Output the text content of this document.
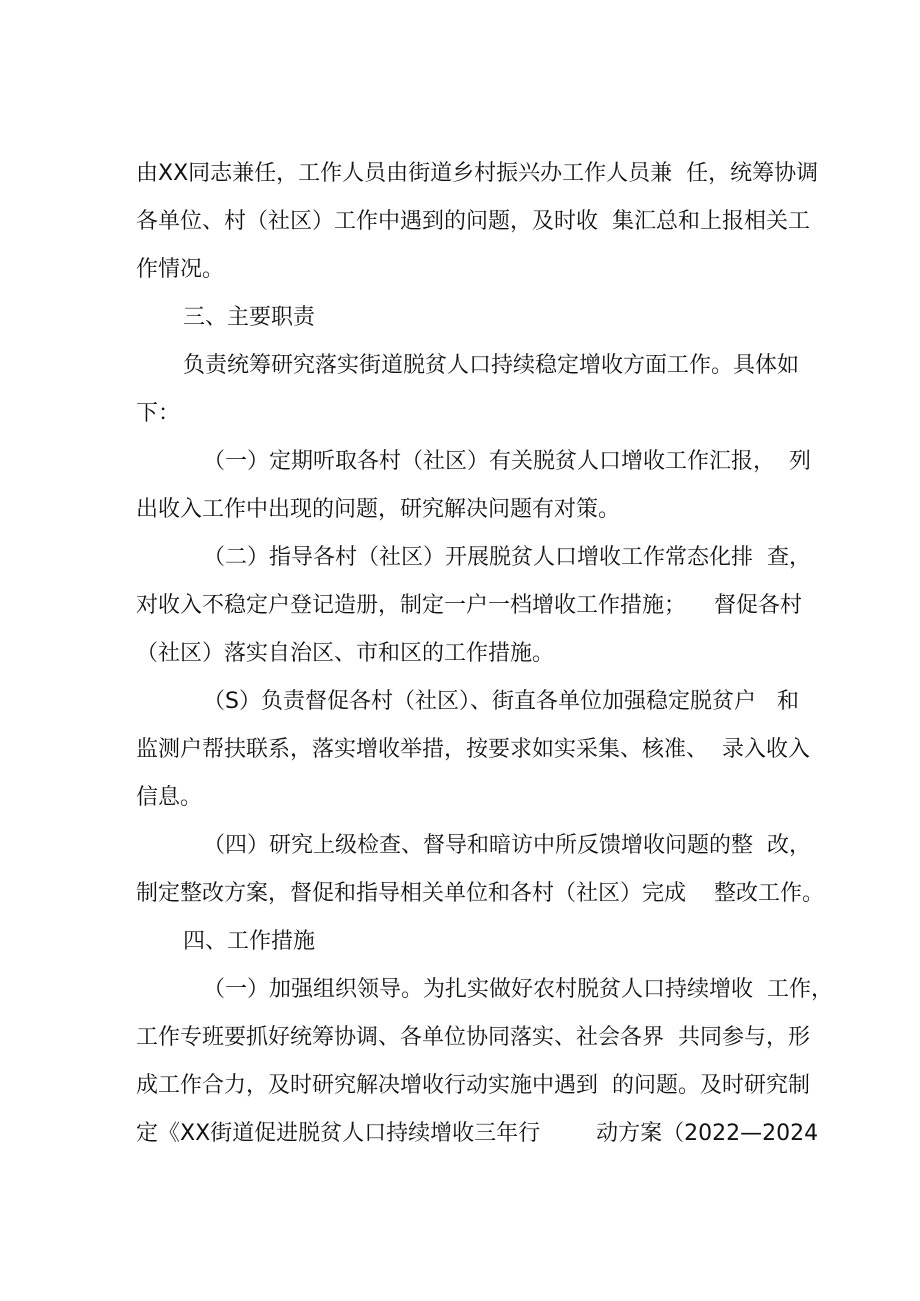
由XX同志兼任，工作人员由街道乡村振兴办工作人员兼  任，统筹协调
各单位、村（社区）工作中遇到的问题，及时收  集汇总和上报相关工
作情况。
三、主要职责
负责统筹研究落实街道脱贫人口持续稳定增收方面工作。具体如
下：
（一）定期听取各村（社区）有关脱贫人口增收工作汇报，  列
出收入工作中出现的问题，研究解决问题有对策。
（二）指导各村（社区）开展脱贫人口增收工作常态化排  查，
对收入不稳定户登记造册，制定一户一档增收工作措施；    督促各村
（社区）落实自治区、市和区的工作措施。
（S）负责督促各村（社区）、街直各单位加强稳定脱贫户   和
监测户帮扶联系，落实增收举措，按要求如实采集、核准、  录入收入
信息。
（四）研究上级检查、督导和暗访中所反馈增收问题的整  改，
制定整改方案，督促和指导相关单位和各村（社区）完成    整改工作。
四、工作措施
（一）加强组织领导。为扎实做好农村脱贫人口持续增收  工作，
工作专班要抓好统筹协调、各单位协同落实、社会各界  共同参与，形
成工作合力，及时研究解决增收行动实施中遇到  的问题。及时研究制
定《XX街道促进脱贫人口持续增收三年行        动方案（2022—2024
